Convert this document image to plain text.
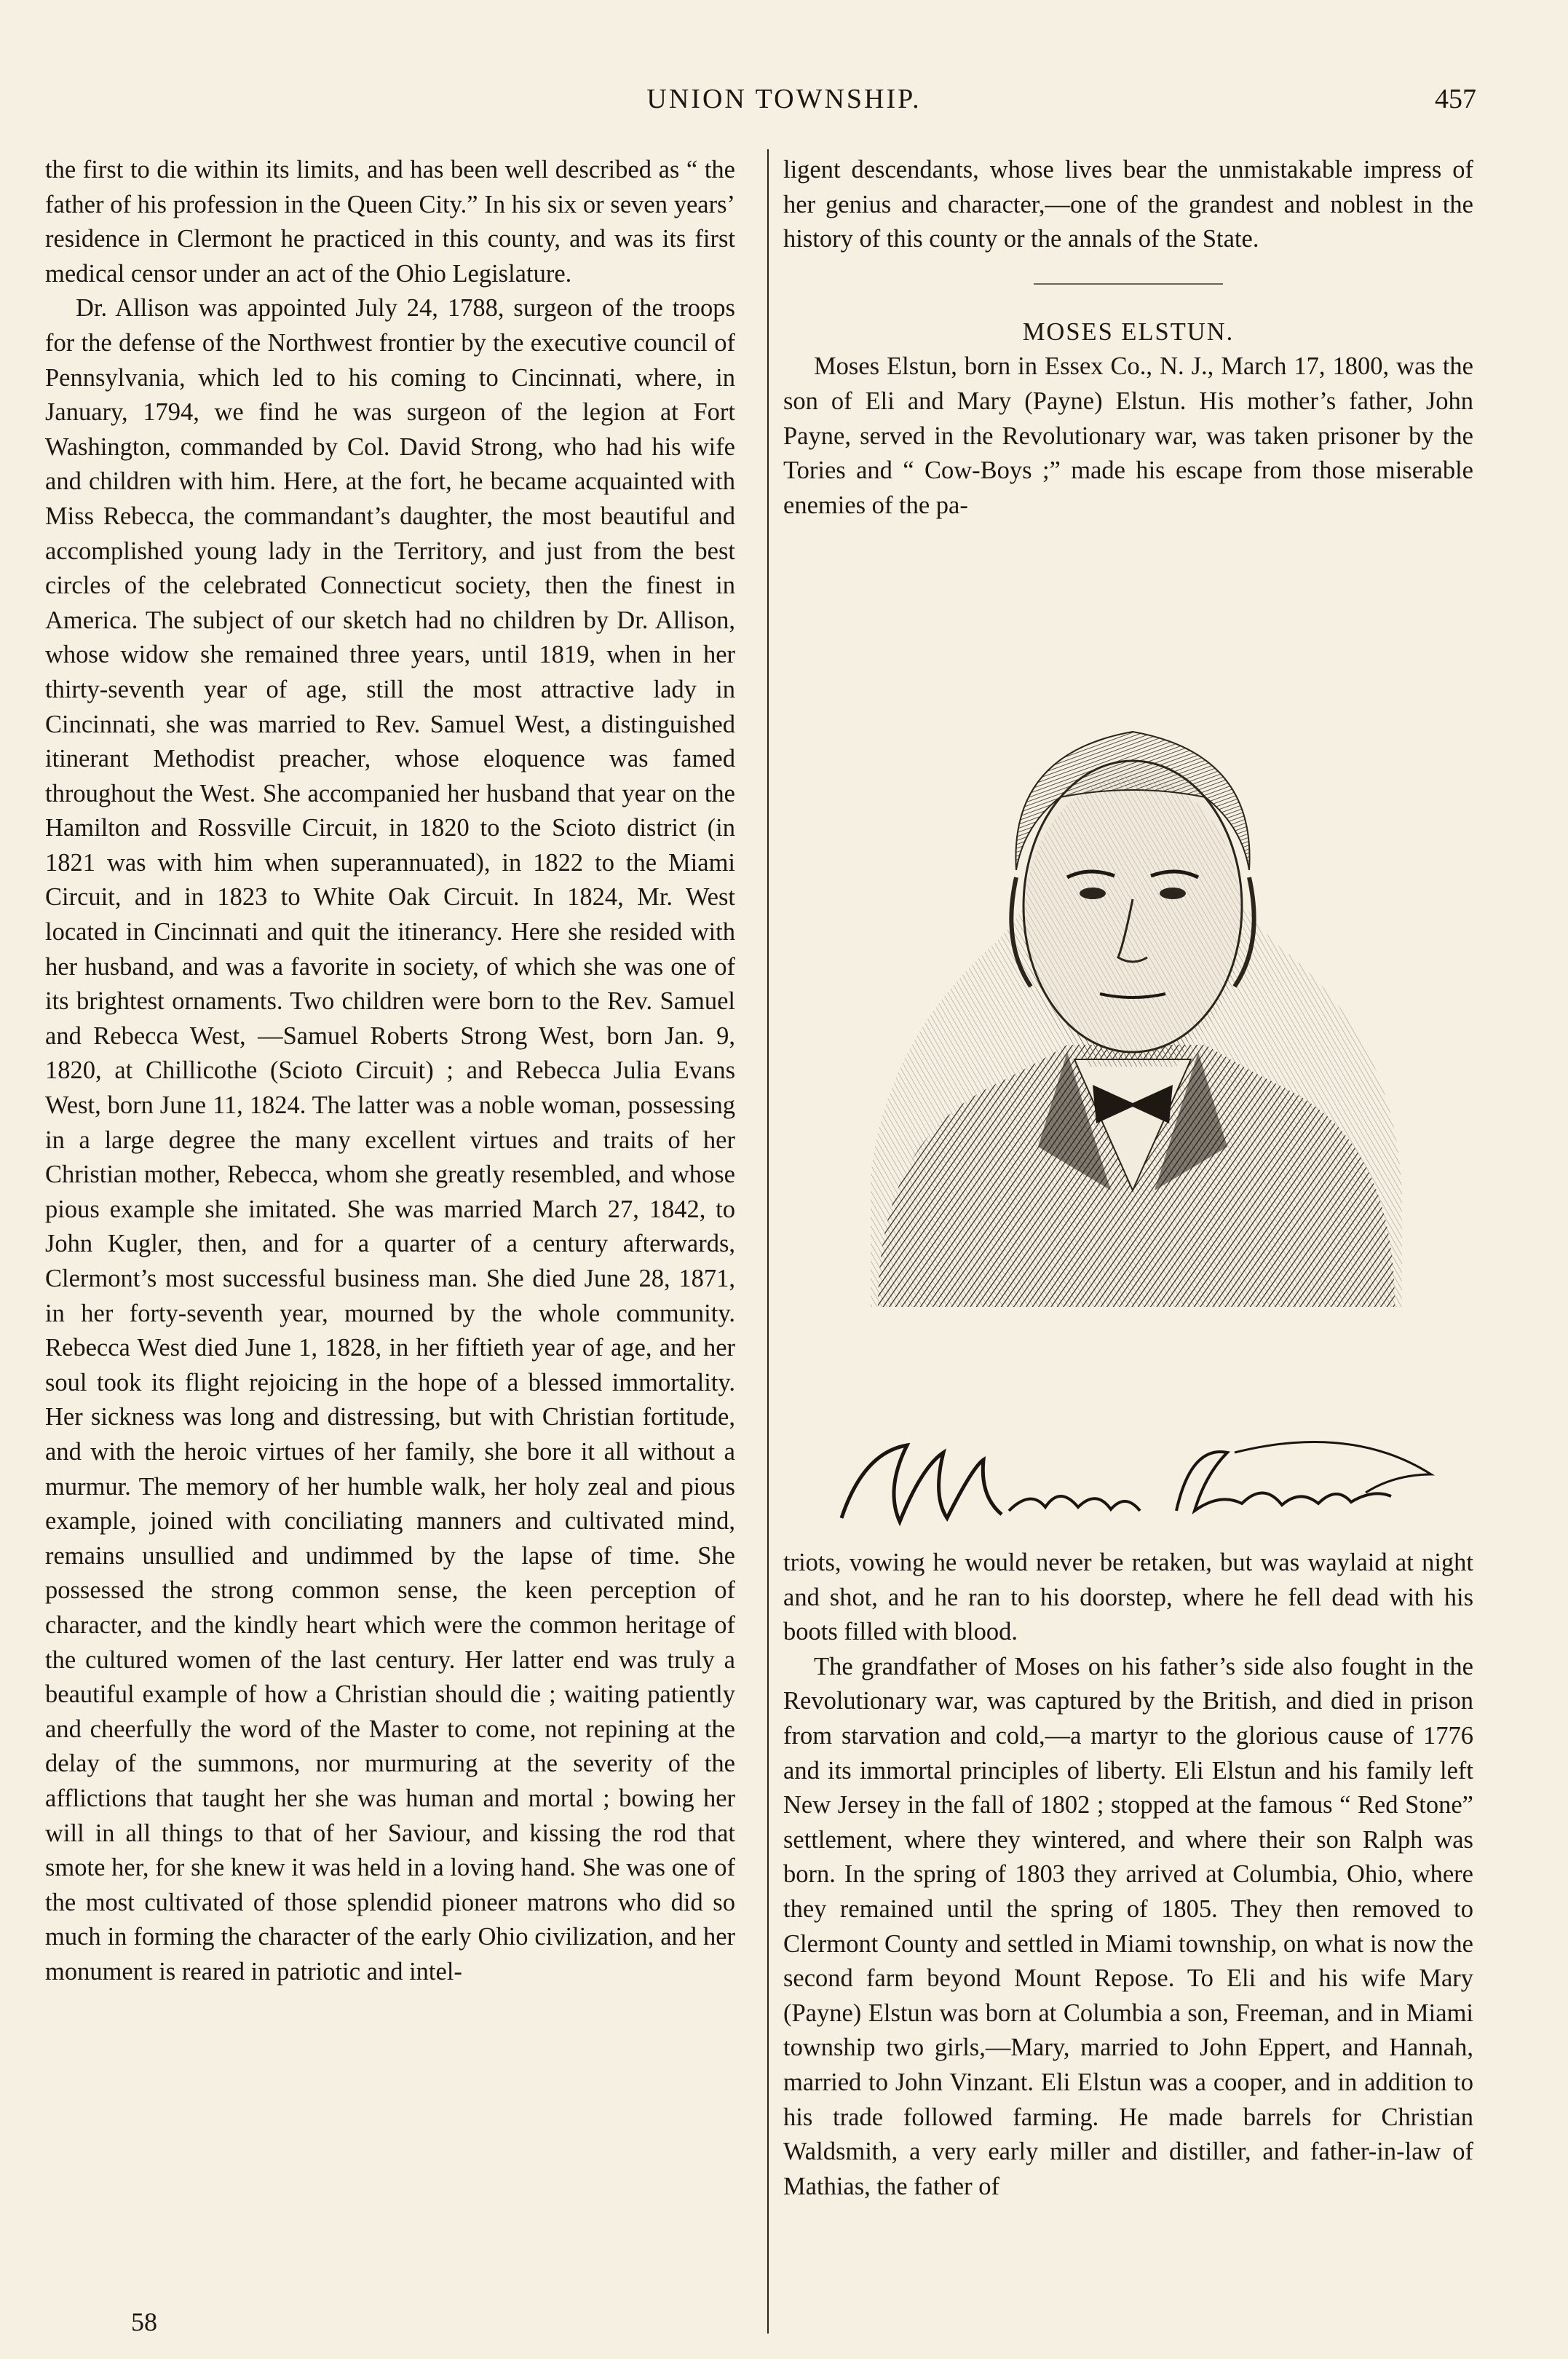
UNION TOWNSHIP.	457

the first to die within its limits, and has been well described as “ the father of his profession in the Queen City.” In his six or seven years’ residence in Clermont he practiced in this county, and was its first medical censor under an act of the Ohio Legislature.

Dr. Allison was appointed July 24, 1788, surgeon of the troops for the defense of the Northwest frontier by the executive council of Pennsylvania, which led to his coming to Cincinnati, where, in January, 1794, we find he was surgeon of the legion at Fort Washington, commanded by Col. David Strong, who had his wife and children with him. Here, at the fort, he became acquainted with Miss Rebecca, the commandant’s daughter, the most beautiful and accomplished young lady in the Territory, and just from the best circles of the celebrated Connecticut society, then the finest in America. The subject of our sketch had no children by Dr. Allison, whose widow she remained three years, until 1819, when in her thirty-seventh year of age, still the most attractive lady in Cincinnati, she was married to Rev. Samuel West, a distinguished itinerant Methodist preacher, whose eloquence was famed throughout the West. She accompanied her husband that year on the Hamilton and Rossville Circuit, in 1820 to the Scioto district (in 1821 was with him when superannuated), in 1822 to the Miami Circuit, and in 1823 to White Oak Circuit. In 1824, Mr. West located in Cincinnati and quit the itinerancy. Here she resided with her husband, and was a favorite in society, of which she was one of its brightest ornaments. Two children were born to the Rev. Samuel and Rebecca West, —Samuel Roberts Strong West, born Jan. 9, 1820, at Chillicothe (Scioto Circuit) ; and Rebecca Julia Evans West, born June 11, 1824. The latter was a noble woman, possessing in a large degree the many excellent virtues and traits of her Christian mother, Rebecca, whom she greatly resembled, and whose pious example she imitated. She was married March 27, 1842, to John Kugler, then, and for a quarter of a century afterwards, Clermont’s most successful business man. She died June 28, 1871, in her forty-seventh year, mourned by the whole community. Rebecca West died June 1, 1828, in her fiftieth year of age, and her soul took its flight rejoicing in the hope of a blessed immortality. Her sickness was long and distressing, but with Christian fortitude, and with the heroic virtues of her family, she bore it all without a murmur. The memory of her humble walk, her holy zeal and pious example, joined with conciliating manners and cultivated mind, remains unsullied and undimmed by the lapse of time. She possessed the strong common sense, the keen perception of character, and the kindly heart which were the common heritage of the cultured women of the last century. Her latter end was truly a beautiful example of how a Christian should die ; waiting patiently and cheerfully the word of the Master to come, not repining at the delay of the summons, nor murmuring at the severity of the afflictions that taught her she was human and mortal ; bowing her will in all things to that of her Saviour, and kissing the rod that smote her, for she knew it was held in a loving hand. She was one of the most cultivated of those splendid pioneer matrons who did so much in forming the character of the early Ohio civilization, and her monument is reared in patriotic and intel-

ligent descendants, whose lives bear the unmistakable impress of her genius and character,—one of the grandest and noblest in the history of this county or the annals of the State.

MOSES ELSTUN.

Moses Elstun, born in Essex Co., N. J., March 17, 1800, was the son of Eli and Mary (Payne) Elstun. His mother’s father, John Payne, served in the Revolutionary war, was taken prisoner by the Tories and “ Cow-Boys ;” made his escape from those miserable enemies of the pa-

triots, vowing he would never be retaken, but was waylaid at night and shot, and he ran to his doorstep, where he fell dead with his boots filled with blood.

The grandfather of Moses on his father’s side also fought in the Revolutionary war, was captured by the British, and died in prison from starvation and cold,—a martyr to the glorious cause of 1776 and its immortal principles of liberty. Eli Elstun and his family left New Jersey in the fall of 1802 ; stopped at the famous “ Red Stone” settlement, where they wintered, and where their son Ralph was born. In the spring of 1803 they arrived at Columbia, Ohio, where they remained until the spring of 1805. They then removed to Clermont County and settled in Miami township, on what is now the second farm beyond Mount Repose. To Eli and his wife Mary (Payne) Elstun was born at Columbia a son, Freeman, and in Miami township two girls,—Mary, married to John Eppert, and Hannah, married to John Vinzant. Eli Elstun was a cooper, and in addition to his trade followed farming. He made barrels for Christian Waldsmith, a very early miller and distiller, and father-in-law of Mathias, the father of

58
